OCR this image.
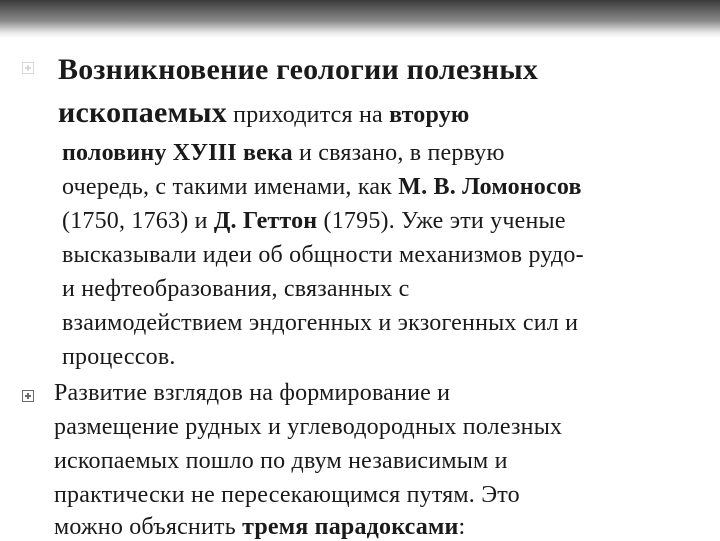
Возникновение геологии полезных
ископаемых приходится на вторую
половину ХУIII века и связано, в первую
очередь, с такими именами, как М. В. Ломоносов
(1750, 1763) и Д. Геттон (1795). Уже эти ученые
высказывали идеи об общности механизмов рудо-
и нефтеобразования, связанных с
взаимодействием эндогенных и экзогенных сил и
процессов.
Развитие взглядов на формирование и
размещение рудных и углеводородных полезных
ископаемых пошло по двум независимым и
практически не пересекающимся путям. Это
можно объяснить тремя парадоксами:
